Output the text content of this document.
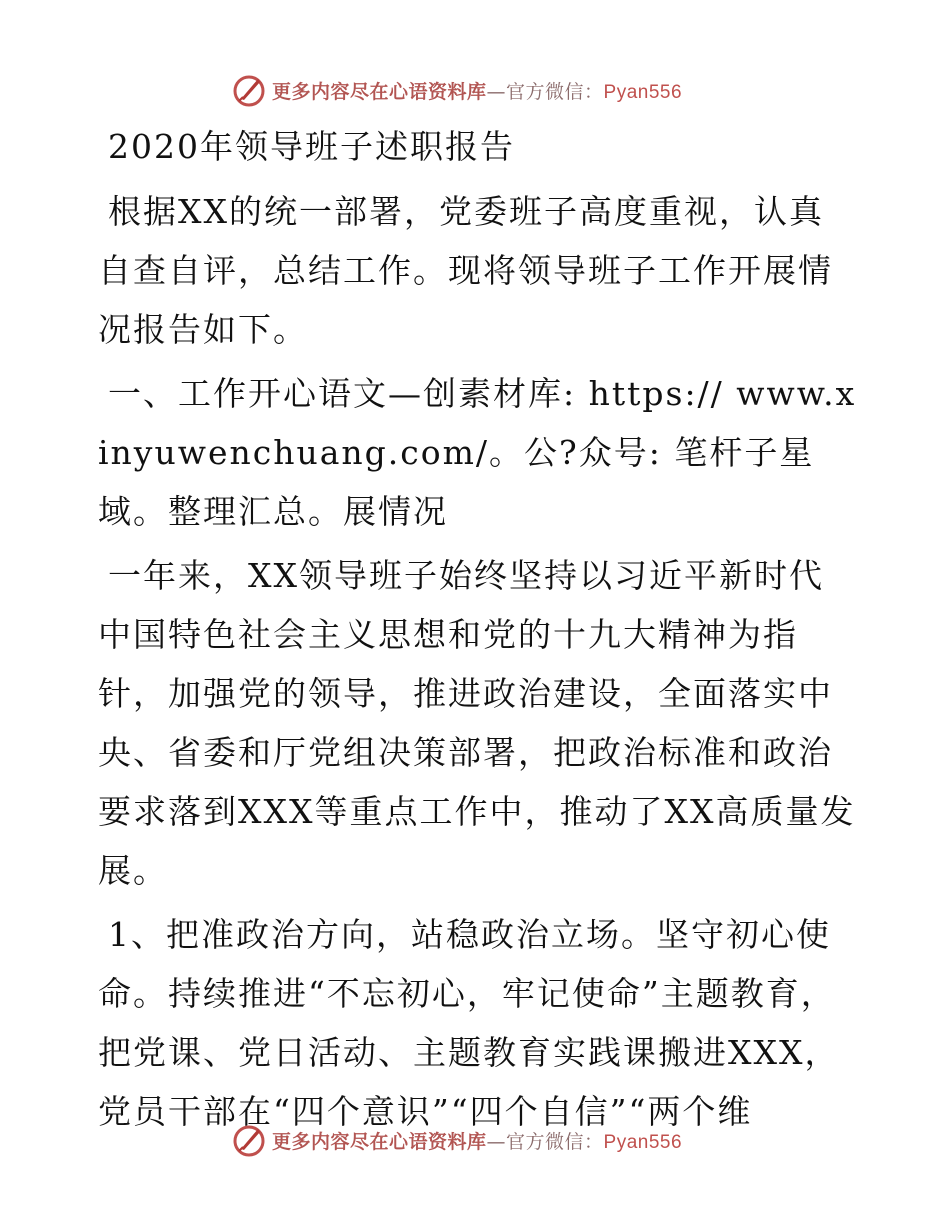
更多内容尽在心语资料库—官方微信：Pyan556
2020年领导班子述职报告

根据XX的统一部署，党委班子高度重视，认真自查自评，总结工作。现将领导班子工作开展情况报告如下。

一、工作开心语文—创素材库: https:// www.xinyuwenchuang.com/。公?众号: 笔杆子星域。整理汇总。展情况

一年来，XX领导班子始终坚持以习近平新时代中国特色社会主义思想和党的十九大精神为指针，加强党的领导，推进政治建设，全面落实中央、省委和厅党组决策部署，把政治标准和政治要求落到XXX等重点工作中，推动了XX高质量发展。

1、把准政治方向，站稳政治立场。坚守初心使命。持续推进“不忘初心，牢记使命”主题教育，把党课、党日活动、主题教育实践课搬进XXX，党员干部在“四个意识”“四个自信”“两个维

更多内容尽在心语资料库—官方微信：Pyan556
